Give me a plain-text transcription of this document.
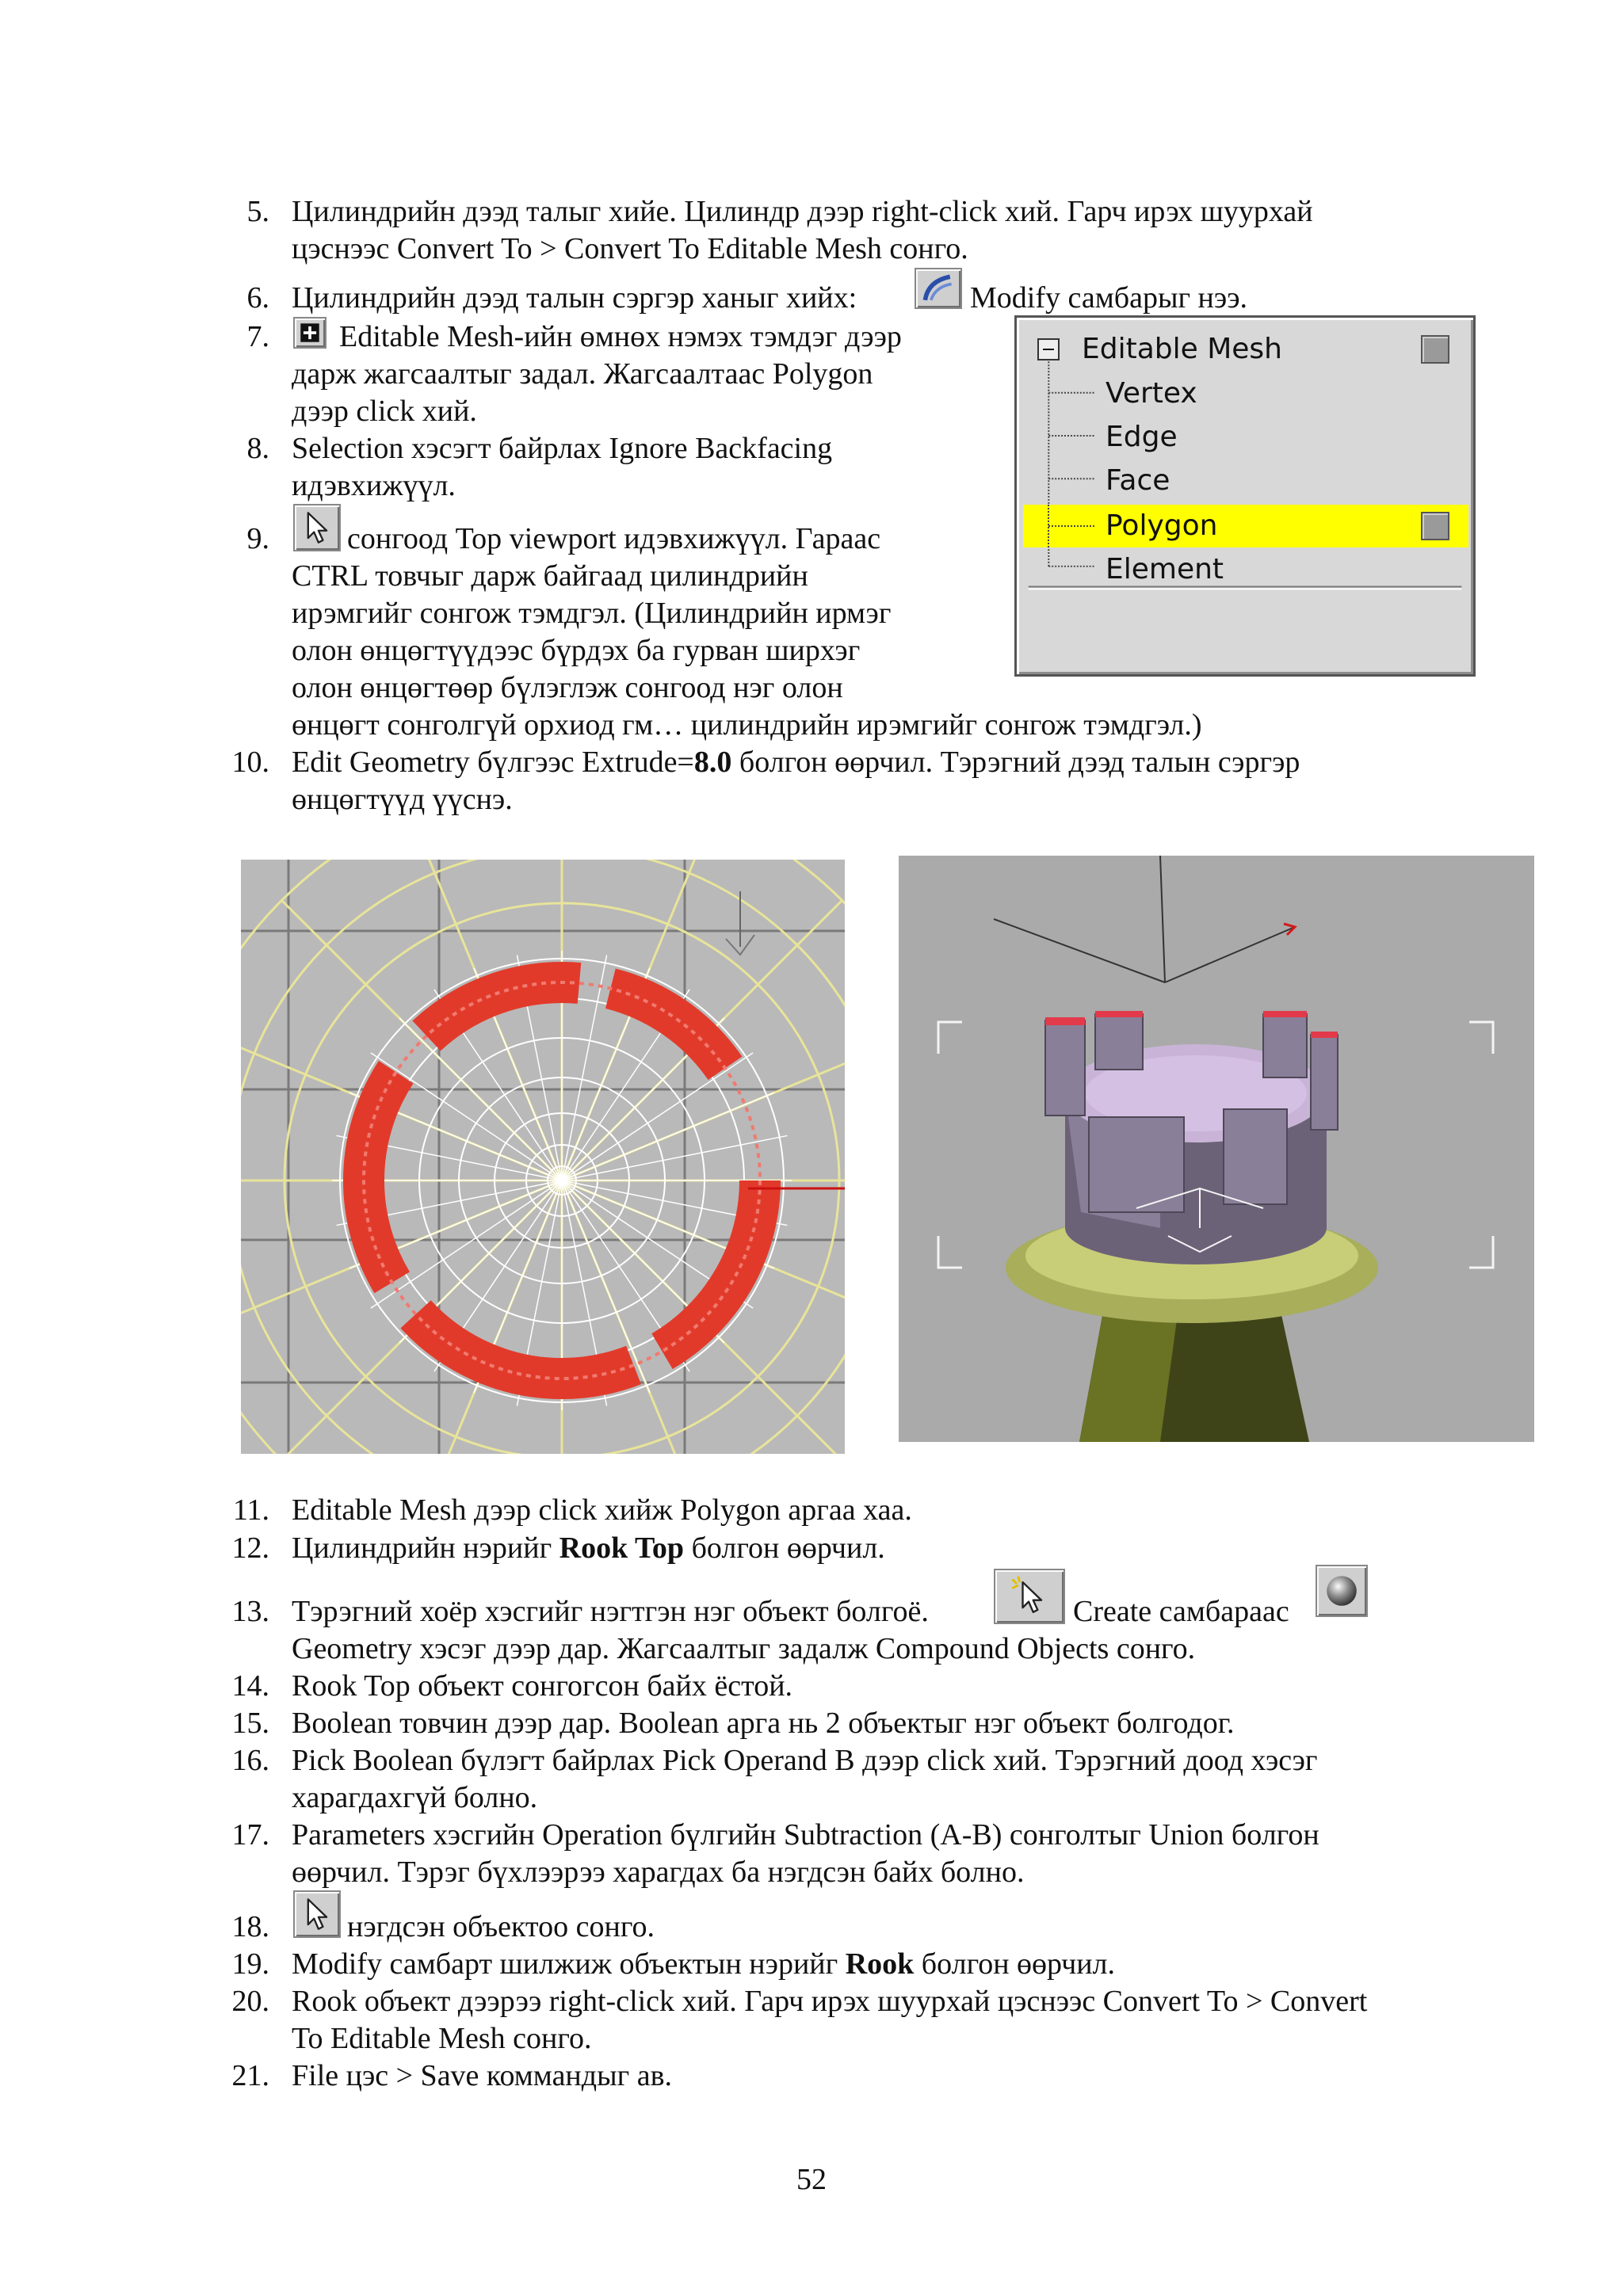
5. Цилиндрийн дээд талыг хийе. Цилиндр дээр right-click хий. Гарч ирэх шуурхай
цэснээс Convert To > Convert To Editable Mesh сонго.
6. Цилиндрийн дээд талын сэргэр ханыг хийх:	Modify самбарыг нээ.
7. Editable Mesh-ийн өмнөх нэмэх тэмдэг дээр
дарж жагсаалтыг задал. Жагсаалтаас Polygon
дээр click хий.
8. Selection хэсэгт байрлах Ignore Backfacing
идэвхижүүл.
9.	сонгоод Top viewport идэвхижүүл. Гараас
CTRL товчыг дарж байгаад цилиндрийн
ирэмгийг сонгож тэмдгэл. (Цилиндрийн ирмэг
олон өнцөгтүүдээс бүрдэх ба гурван ширхэг
олон өнцөгтөөр бүлэглэж сонгоод нэг олон
өнцөгт сонголгүй орхиод гм… цилиндрийн ирэмгийг сонгож тэмдгэл.)
10. Edit Geometry бүлгээс Extrude=8.0 болгон өөрчил. Тэрэгний дээд талын сэргэр
өнцөгтүүд үүснэ.
Editable Mesh
Vertex
Edge
Face
Polygon
Element
11. Editable Mesh дээр click хийж Polygon аргаа хаа.
12. Цилиндрийн нэрийг Rook Top болгон өөрчил.
13. Тэрэгний хоёр хэсгийг нэгтгэн нэг объект болгоё.	Create самбараас
Geometry хэсэг дээр дар. Жагсаалтыг задалж Compound Objects сонго.
14. Rook Top объект сонгогсон байх ёстой.
15. Boolean товчин дээр дар. Boolean арга нь 2 объектыг нэг объект болгодог.
16. Pick Boolean бүлэгт байрлах Pick Operand B дээр click хий. Тэрэгний доод хэсэг
харагдахгүй болно.
17. Parameters хэсгийн Operation бүлгийн Subtraction (A-B) сонголтыг Union болгон
өөрчил. Тэрэг бүхлээрээ харагдах ба нэгдсэн байх болно.
18.	нэгдсэн объектоо сонго.
19. Modify самбарт шилжиж объектын нэрийг Rook болгон өөрчил.
20. Rook объект дээрээ right-click хий. Гарч ирэх шуурхай цэснээс Convert To > Convert
To Editable Mesh сонго.
21. File цэс > Save коммандыг ав.
52
